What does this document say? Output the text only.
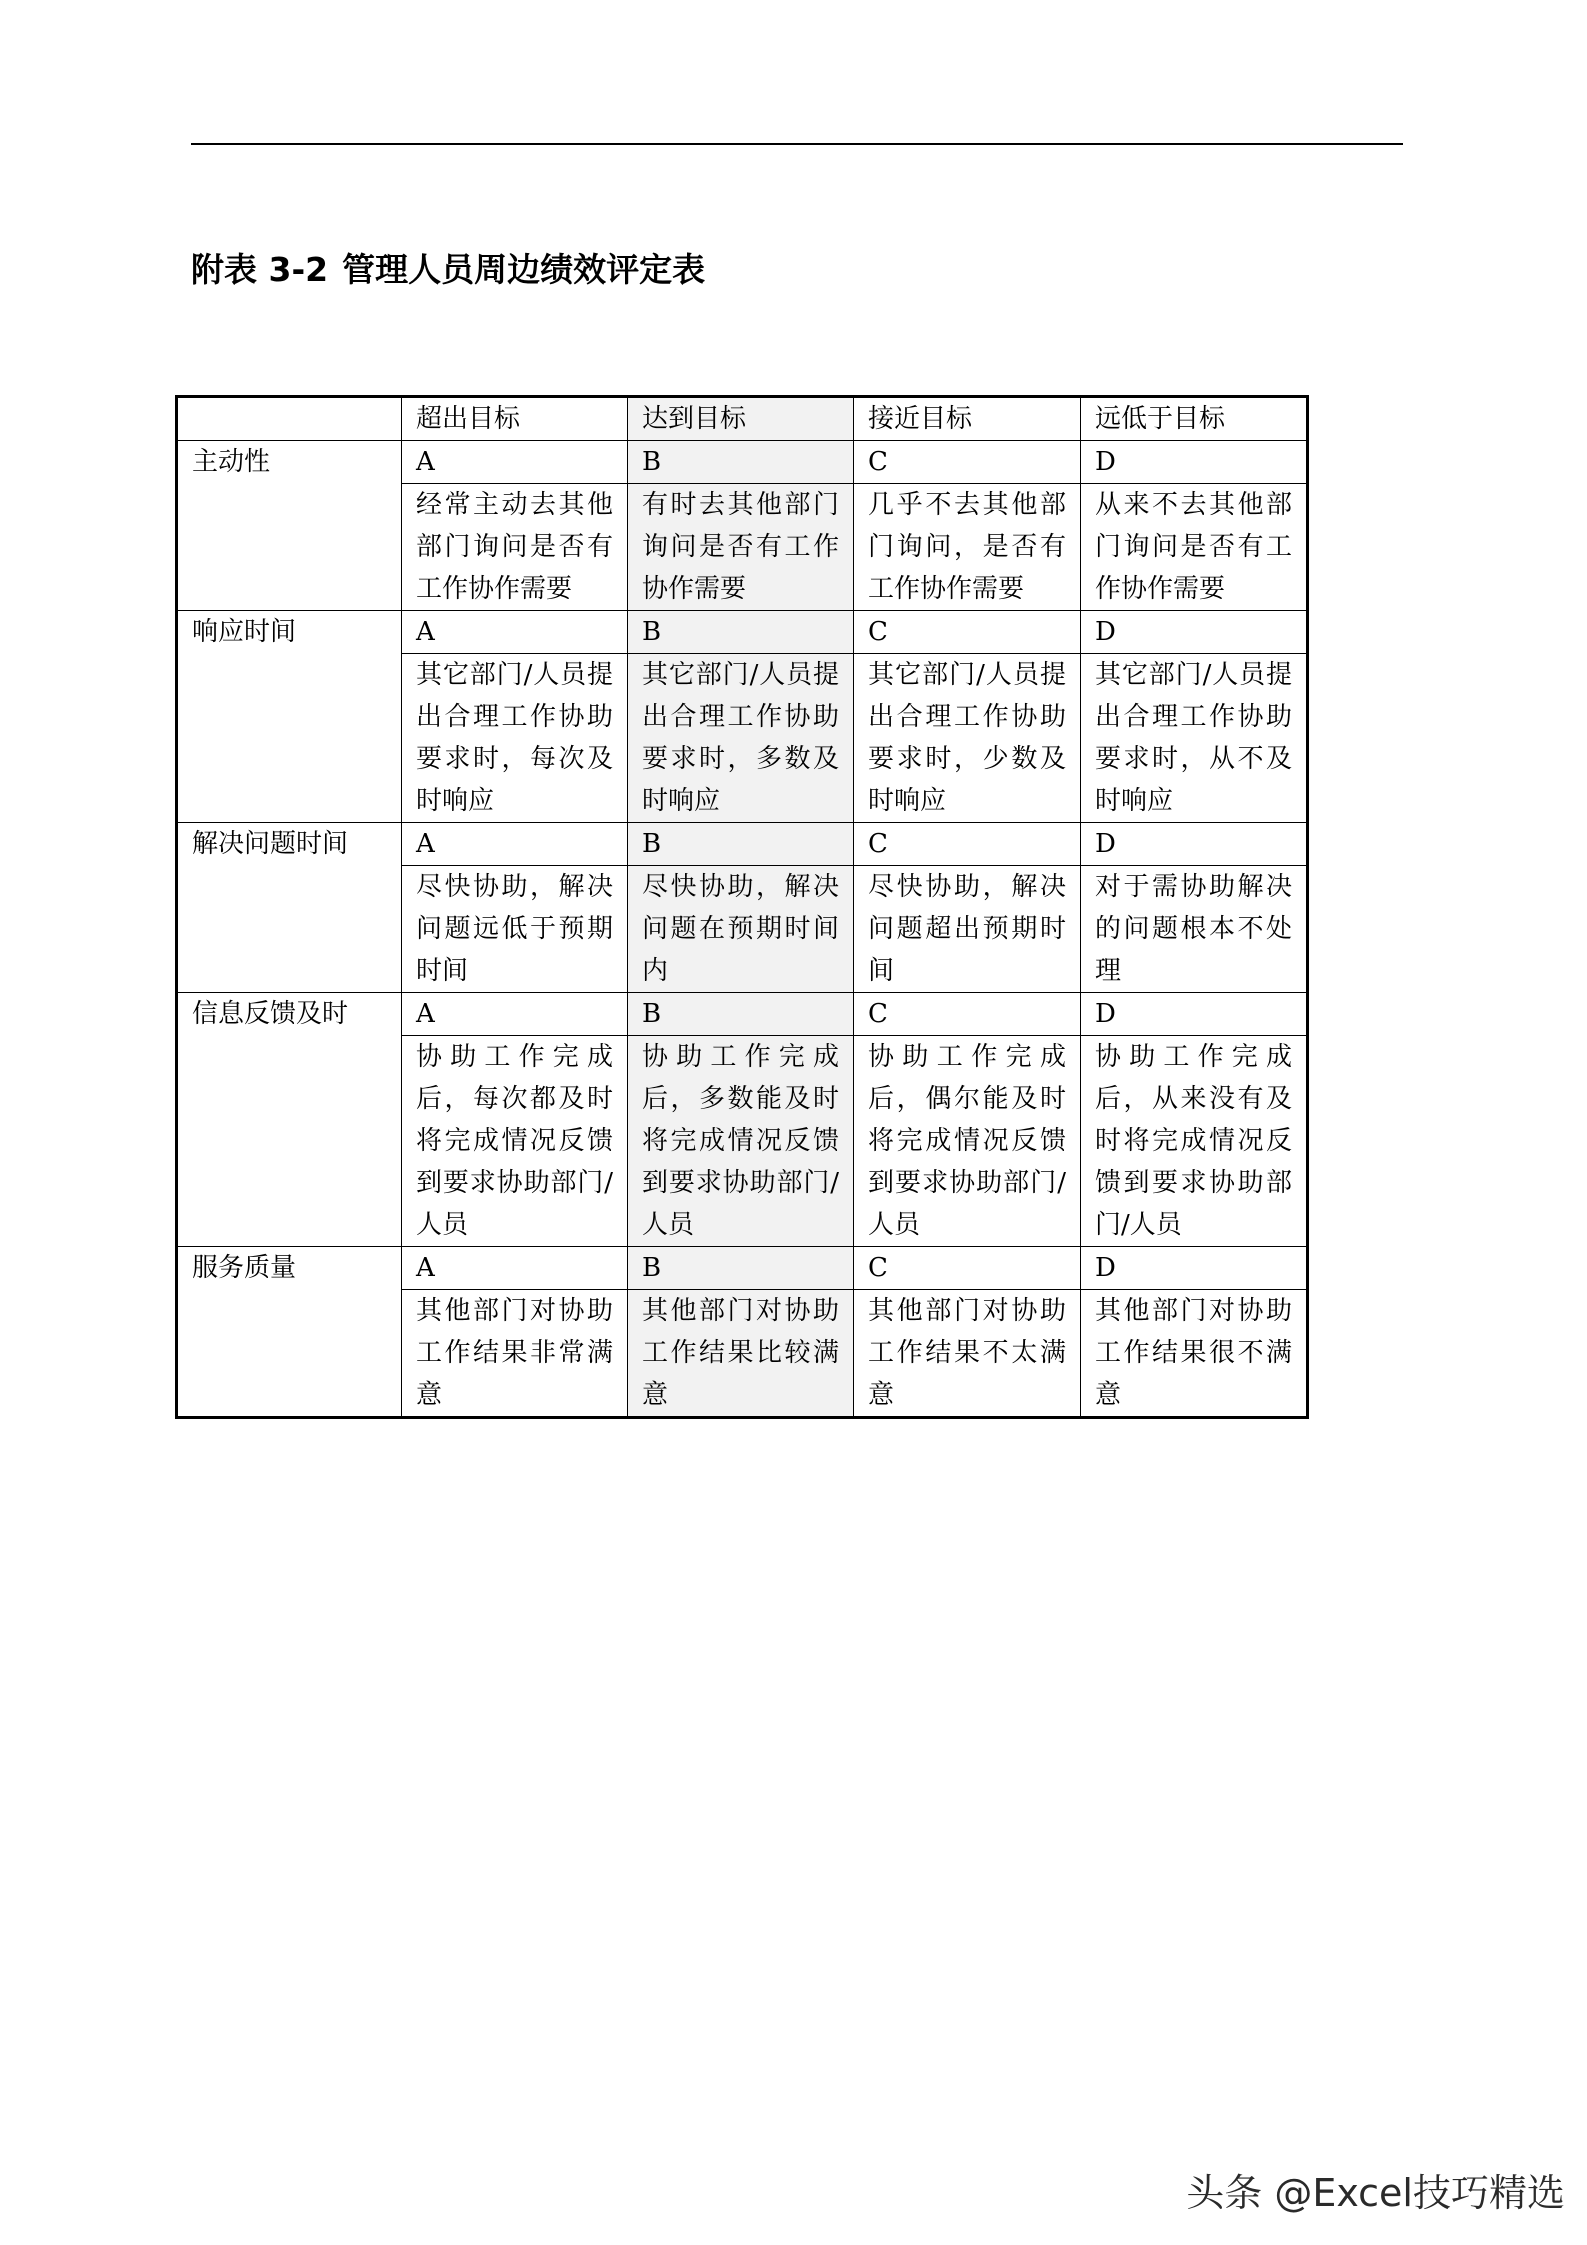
附表 3-2 管理人员周边绩效评定表
	超出目标	达到目标	接近目标	远低于目标
主动性	A	B	C	D
	经常主动去其他部门询问是否有工作协作需要	有时去其他部门询问是否有工作协作需要	几乎不去其他部门询问，是否有工作协作需要	从来不去其他部门询问是否有工作协作需要
响应时间	A	B	C	D
	其它部门/人员提出合理工作协助要求时，每次及时响应	其它部门/人员提出合理工作协助要求时，多数及时响应	其它部门/人员提出合理工作协助要求时，少数及时响应	其它部门/人员提出合理工作协助要求时，从不及时响应
解决问题时间	A	B	C	D
	尽快协助，解决问题远低于预期时间	尽快协助，解决问题在预期时间内	尽快协助，解决问题超出预期时间	对于需协助解决的问题根本不处理
信息反馈及时	A	B	C	D
	协助工作完成后，每次都及时将完成情况反馈到要求协助部门/人员	协助工作完成后，多数能及时将完成情况反馈到要求协助部门/人员	协助工作完成后，偶尔能及时将完成情况反馈到要求协助部门/人员	协助工作完成后，从来没有及时将完成情况反馈到要求协助部门/人员
服务质量	A	B	C	D
	其他部门对协助工作结果非常满意	其他部门对协助工作结果比较满意	其他部门对协助工作结果不太满意	其他部门对协助工作结果很不满意
头条 @Excel技巧精选
